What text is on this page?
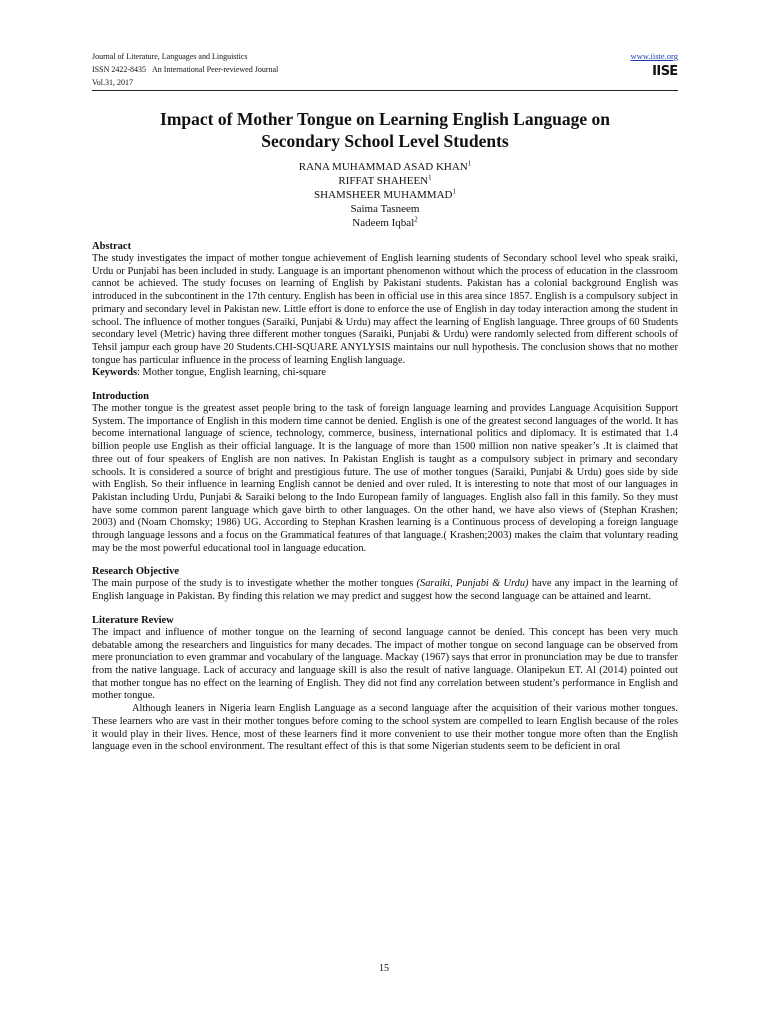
Journal of Literature, Languages and Linguistics
ISSN 2422-8435 An International Peer-reviewed Journal
Vol.31, 2017
www.iiste.org
IISƎ
Impact of Mother Tongue on Learning English Language on
Secondary School Level Students
RANA MUHAMMAD ASAD KHAN$^1$
RIFFAT SHAHEEN$^1$
SHAMSHEER MUHAMMAD$^1$
Saima Tasneem
Nadeem Iqbal$^2$
Abstract

The study investigates the impact of mother tongue achievement of English learning students of Secondary school level who speak sraiki, Urdu or Punjabi has been included in study. Language is an important phenomenon without which the process of education in the classroom cannot be achieved. The study focuses on learning of English by Pakistani students. Pakistan has a colonial background English was introduced in the subcontinent in the 17th century. English has been in official use in this area since 1857. English is a compulsory subject in primary and secondary level in Pakistan new. Little effort is done to enforce the use of English in day today interaction among the student in school. The influence of mother tongues (Saraiki, Punjabi & Urdu) may affect the learning of English language. Three groups of 60 Students secondary level (Metric) having three different mother tongues (Saraiki, Punjabi & Urdu) were randomly selected from different schools of Tehsil jampur each group have 20 Students.CHI-SQUARE ANYLYSIS maintains our null hypothesis. The conclusion shows that no mother tongue has particular influence in the process of learning English language.

Keywords: Mother tongue, English learning, chi-square

Introduction

The mother tongue is the greatest asset people bring to the task of foreign language learning and provides Language Acquisition Support System. The importance of English in this modern time cannot be denied. English is one of the greatest second languages of the world. It has become international language of science, technology, commerce, business, international politics and diplomacy. It is estimated that 1.4 billion people use English as their official language. It is the language of more than 1500 million non native speaker’s .It is claimed that three out of four speakers of English are non natives. In Pakistan English is taught as a compulsory subject in primary and secondary schools. It is considered a source of bright and prestigious future. The use of mother tongues (Saraiki, Punjabi & Urdu) goes side by side with English. So their influence in learning English cannot be denied and over ruled. It is interesting to note that most of our languages in Pakistan including Urdu, Punjabi & Saraiki belong to the Indo European family of languages. English also fall in this family. So they must have some common parent language which gave birth to other languages. On the other hand, we have also views of (Stephan Krashen; 2003) and (Noam Chomsky; 1986) UG. According to Stephan Krashen learning is a Continuous process of developing a foreign language through language lessons and a focus on the Grammatical features of that language.( Krashen;2003) makes the claim that voluntary reading may be the most powerful educational tool in language education.

Research Objective

The main purpose of the study is to investigate whether the mother tongues (Saraiki, Punjabi & Urdu) have any impact in the learning of English language in Pakistan. By finding this relation we may predict and suggest how the second language can be attained and learnt.

Literature Review

The impact and influence of mother tongue on the learning of second language cannot be denied. This concept has been very much debatable among the researchers and linguistics for many decades. The impact of mother tongue on second language can be observed from mere pronunciation to even grammar and vocabulary of the language. Mackay (1967) says that error in pronunciation may be due to transfer from the native language. Lack of accuracy and language skill is also the result of native language. Olanipekun ET. Al (2014) pointed out that mother tongue has no effect on the learning of English. They did not find any correlation between student’s performance in English and mother tongue.

Although leaners in Nigeria learn English Language as a second language after the acquisition of their various mother tongues. These learners who are vast in their mother tongues before coming to the school system are compelled to learn English because of the roles it would play in their lives. Hence, most of these learners find it more convenient to use their mother tongue more often than the English language even in the school environment. The resultant effect of this is that some Nigerian students seem to be deficient in oral

15
